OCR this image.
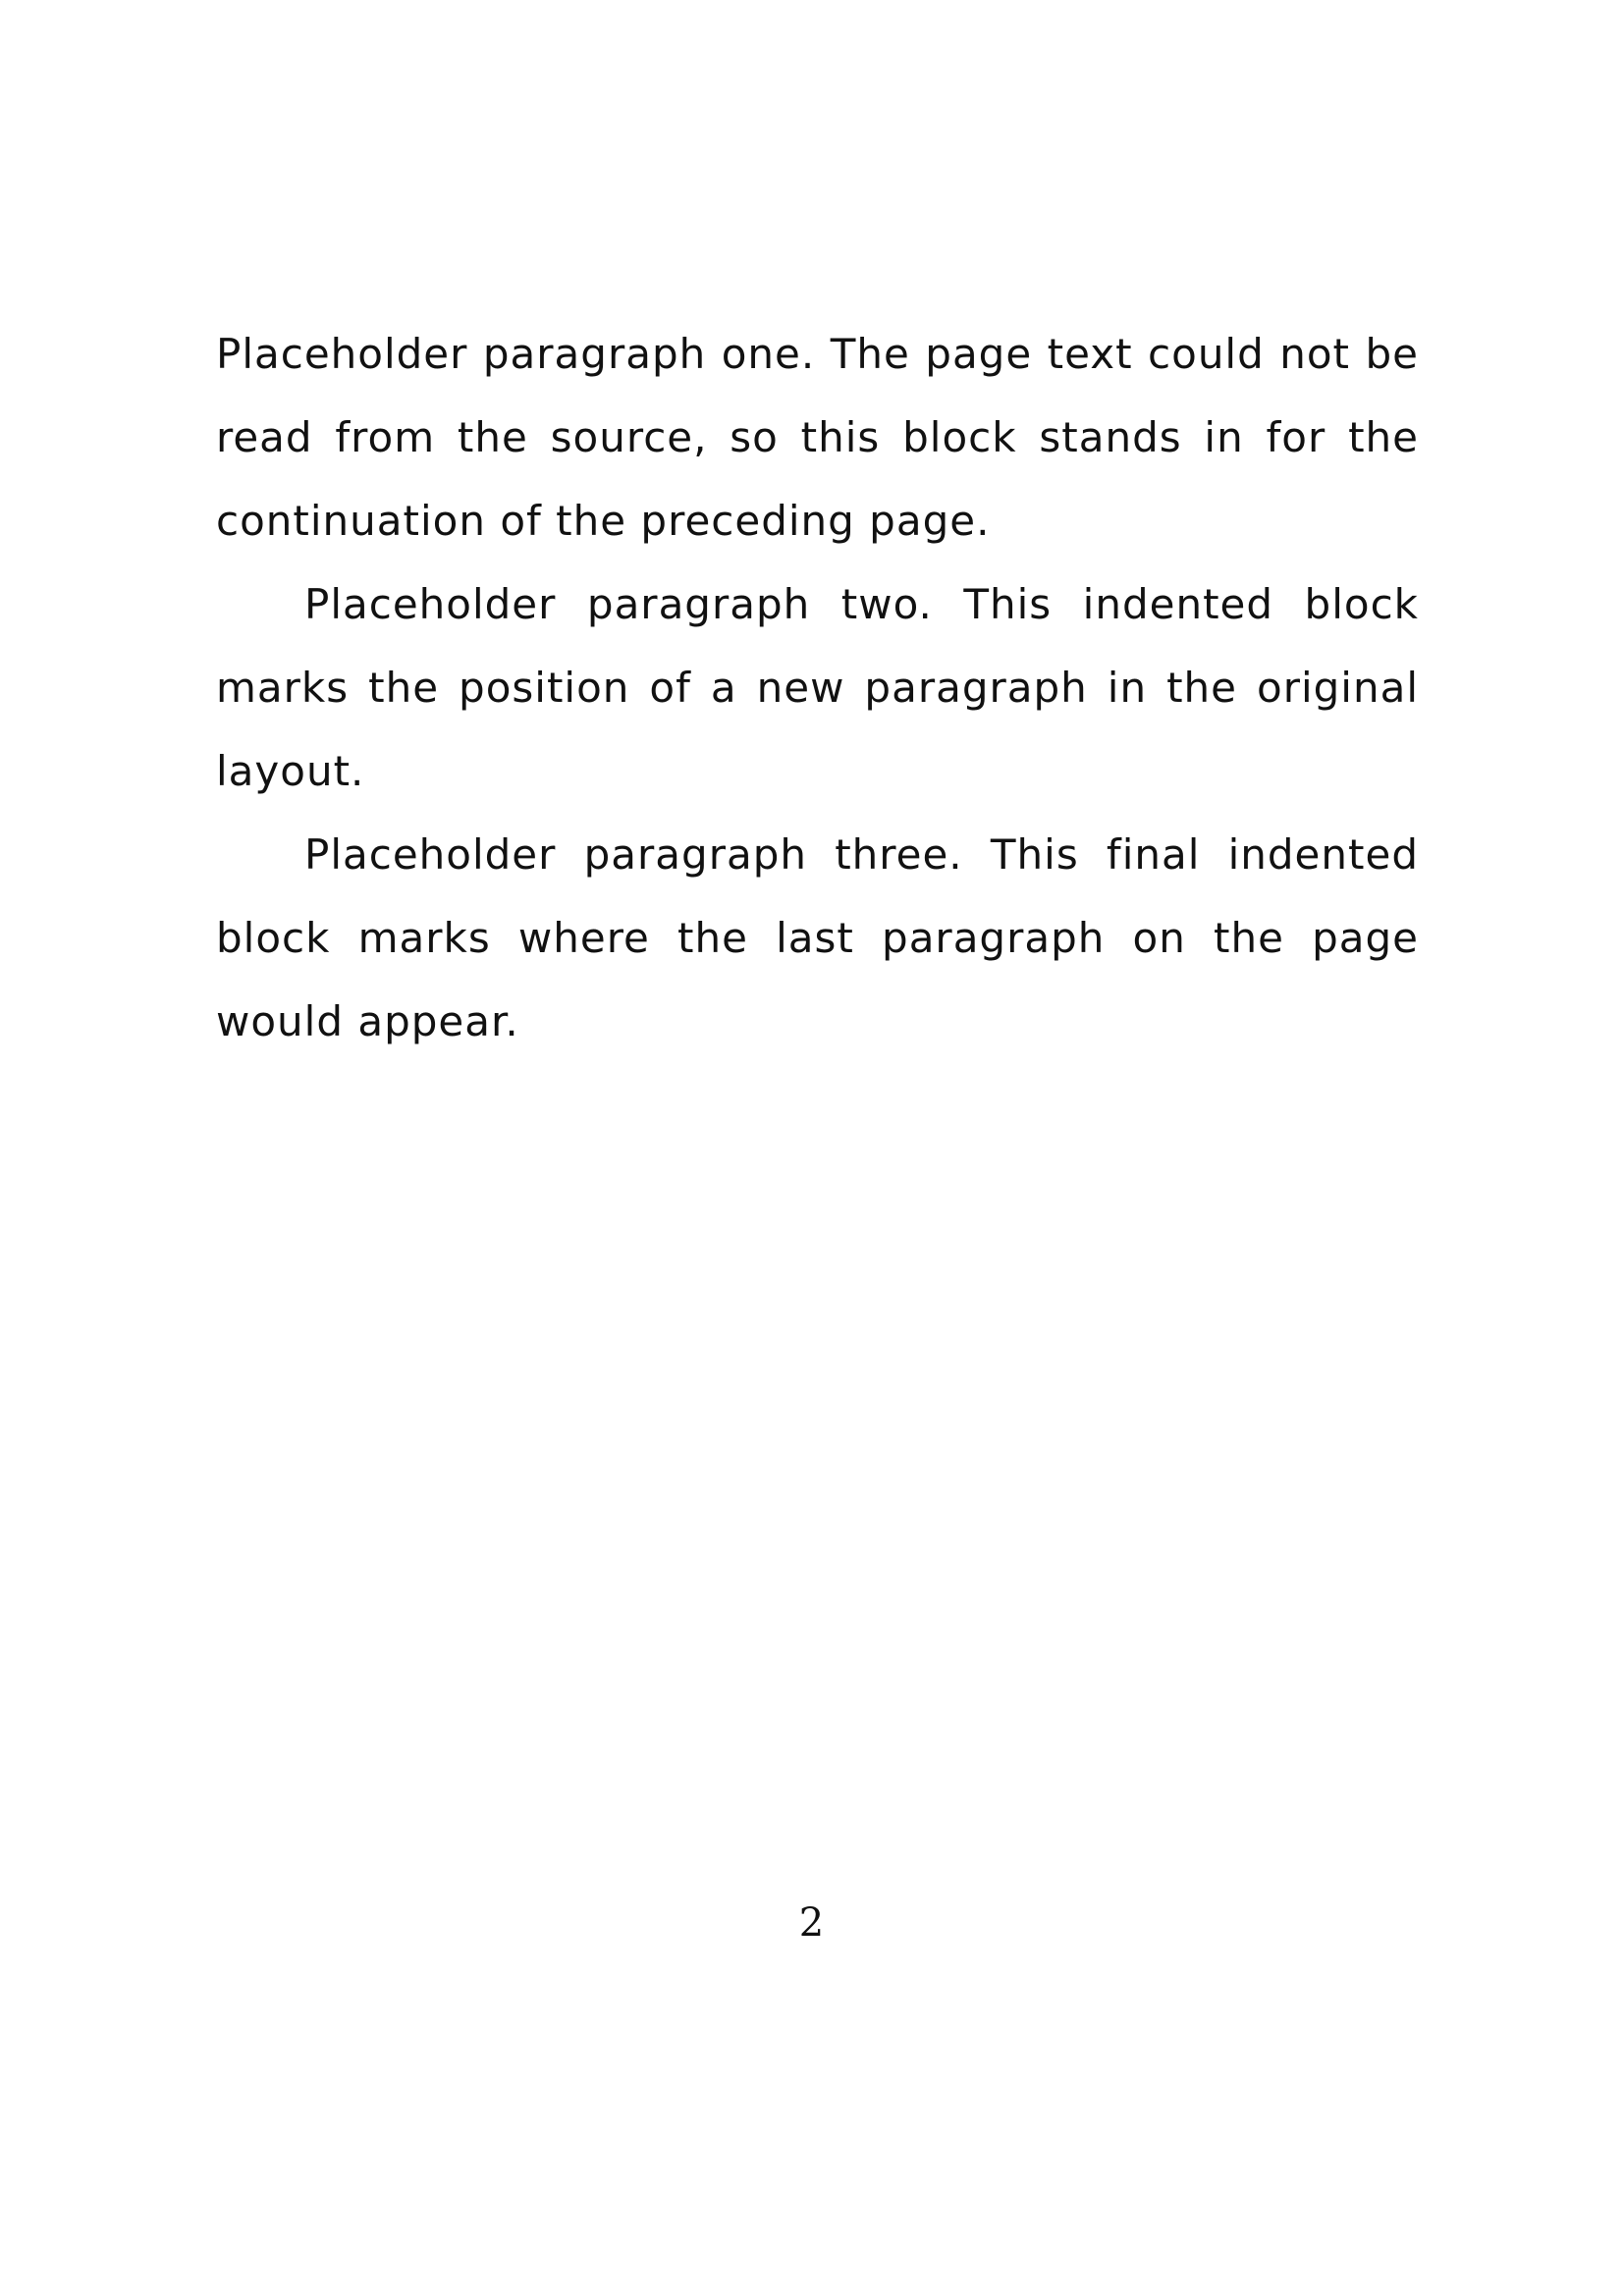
Placeholder paragraph one. The page text could not be read from the source, so this block stands in for the continuation of the preceding page.

Placeholder paragraph two. This indented block marks the position of a new paragraph in the original layout.

Placeholder paragraph three. This final indented block marks where the last paragraph on the page would appear.

2
